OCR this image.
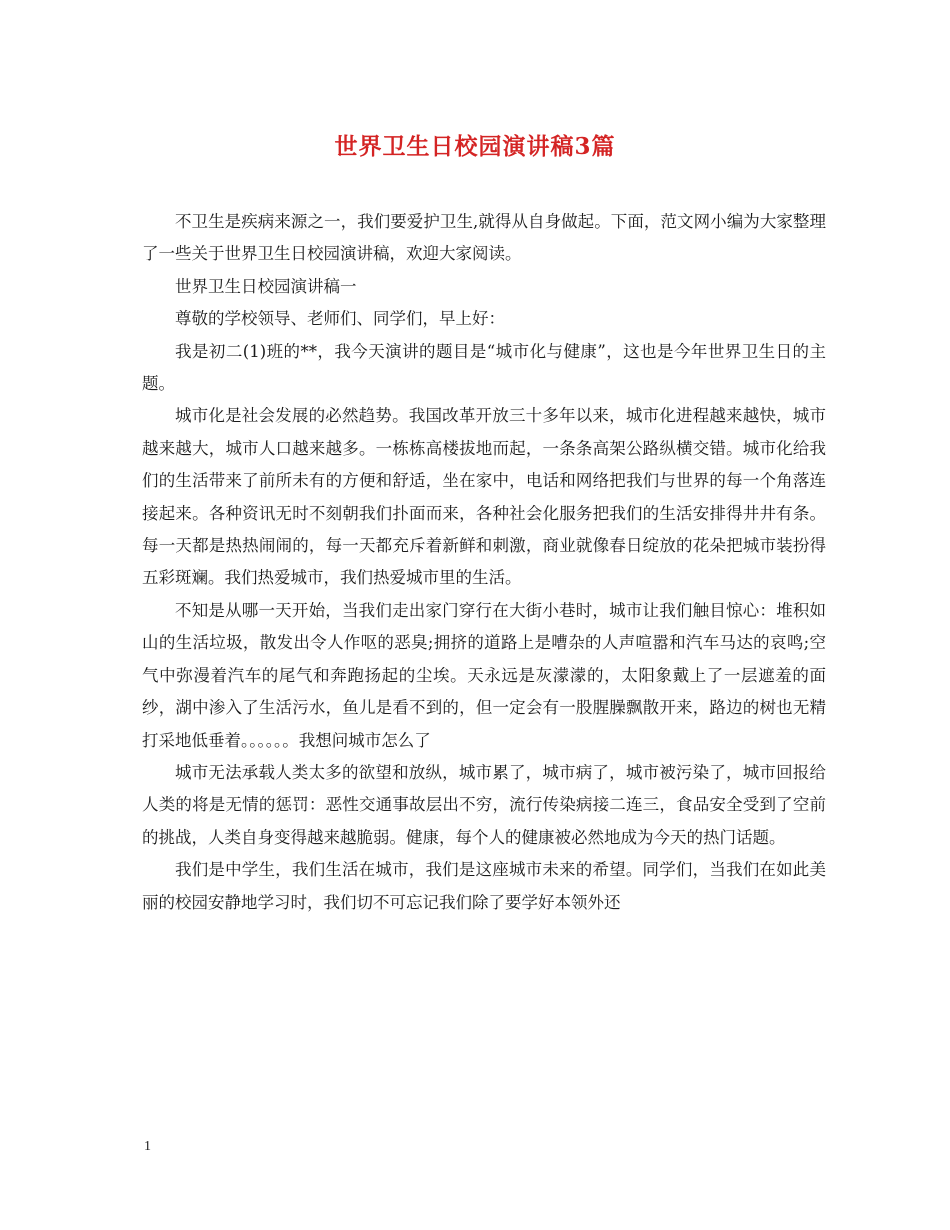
世界卫生日校园演讲稿3篇

不卫生是疾病来源之一，我们要爱护卫生,就得从自身做起。下面，范文网小编为大家整理了一些关于世界卫生日校园演讲稿，欢迎大家阅读。

世界卫生日校园演讲稿一

尊敬的学校领导、老师们、同学们，早上好：

我是初二(1)班的**，我今天演讲的题目是“城市化与健康”，这也是今年世界卫生日的主题。

城市化是社会发展的必然趋势。我国改革开放三十多年以来，城市化进程越来越快，城市越来越大，城市人口越来越多。一栋栋高楼拔地而起，一条条高架公路纵横交错。城市化给我们的生活带来了前所未有的方便和舒适，坐在家中，电话和网络把我们与世界的每一个角落连接起来。各种资讯无时不刻朝我们扑面而来，各种社会化服务把我们的生活安排得井井有条。每一天都是热热闹闹的，每一天都充斥着新鲜和刺激，商业就像春日绽放的花朵把城市装扮得五彩斑斓。我们热爱城市，我们热爱城市里的生活。

不知是从哪一天开始，当我们走出家门穿行在大街小巷时，城市让我们触目惊心：堆积如山的生活垃圾，散发出令人作呕的恶臭;拥挤的道路上是嘈杂的人声喧嚣和汽车马达的哀鸣;空气中弥漫着汽车的尾气和奔跑扬起的尘埃。天永远是灰濛濛的，太阳象戴上了一层遮羞的面纱，湖中渗入了生活污水，鱼儿是看不到的，但一定会有一股腥臊飘散开来，路边的树也无精打采地低垂着。。。。。。我想问城市怎么了

城市无法承载人类太多的欲望和放纵，城市累了，城市病了，城市被污染了，城市回报给人类的将是无情的惩罚：恶性交通事故层出不穷，流行传染病接二连三，食品安全受到了空前的挑战，人类自身变得越来越脆弱。健康，每个人的健康被必然地成为今天的热门话题。

我们是中学生，我们生活在城市，我们是这座城市未来的希望。同学们，当我们在如此美丽的校园安静地学习时，我们切不可忘记我们除了要学好本领外还

1
